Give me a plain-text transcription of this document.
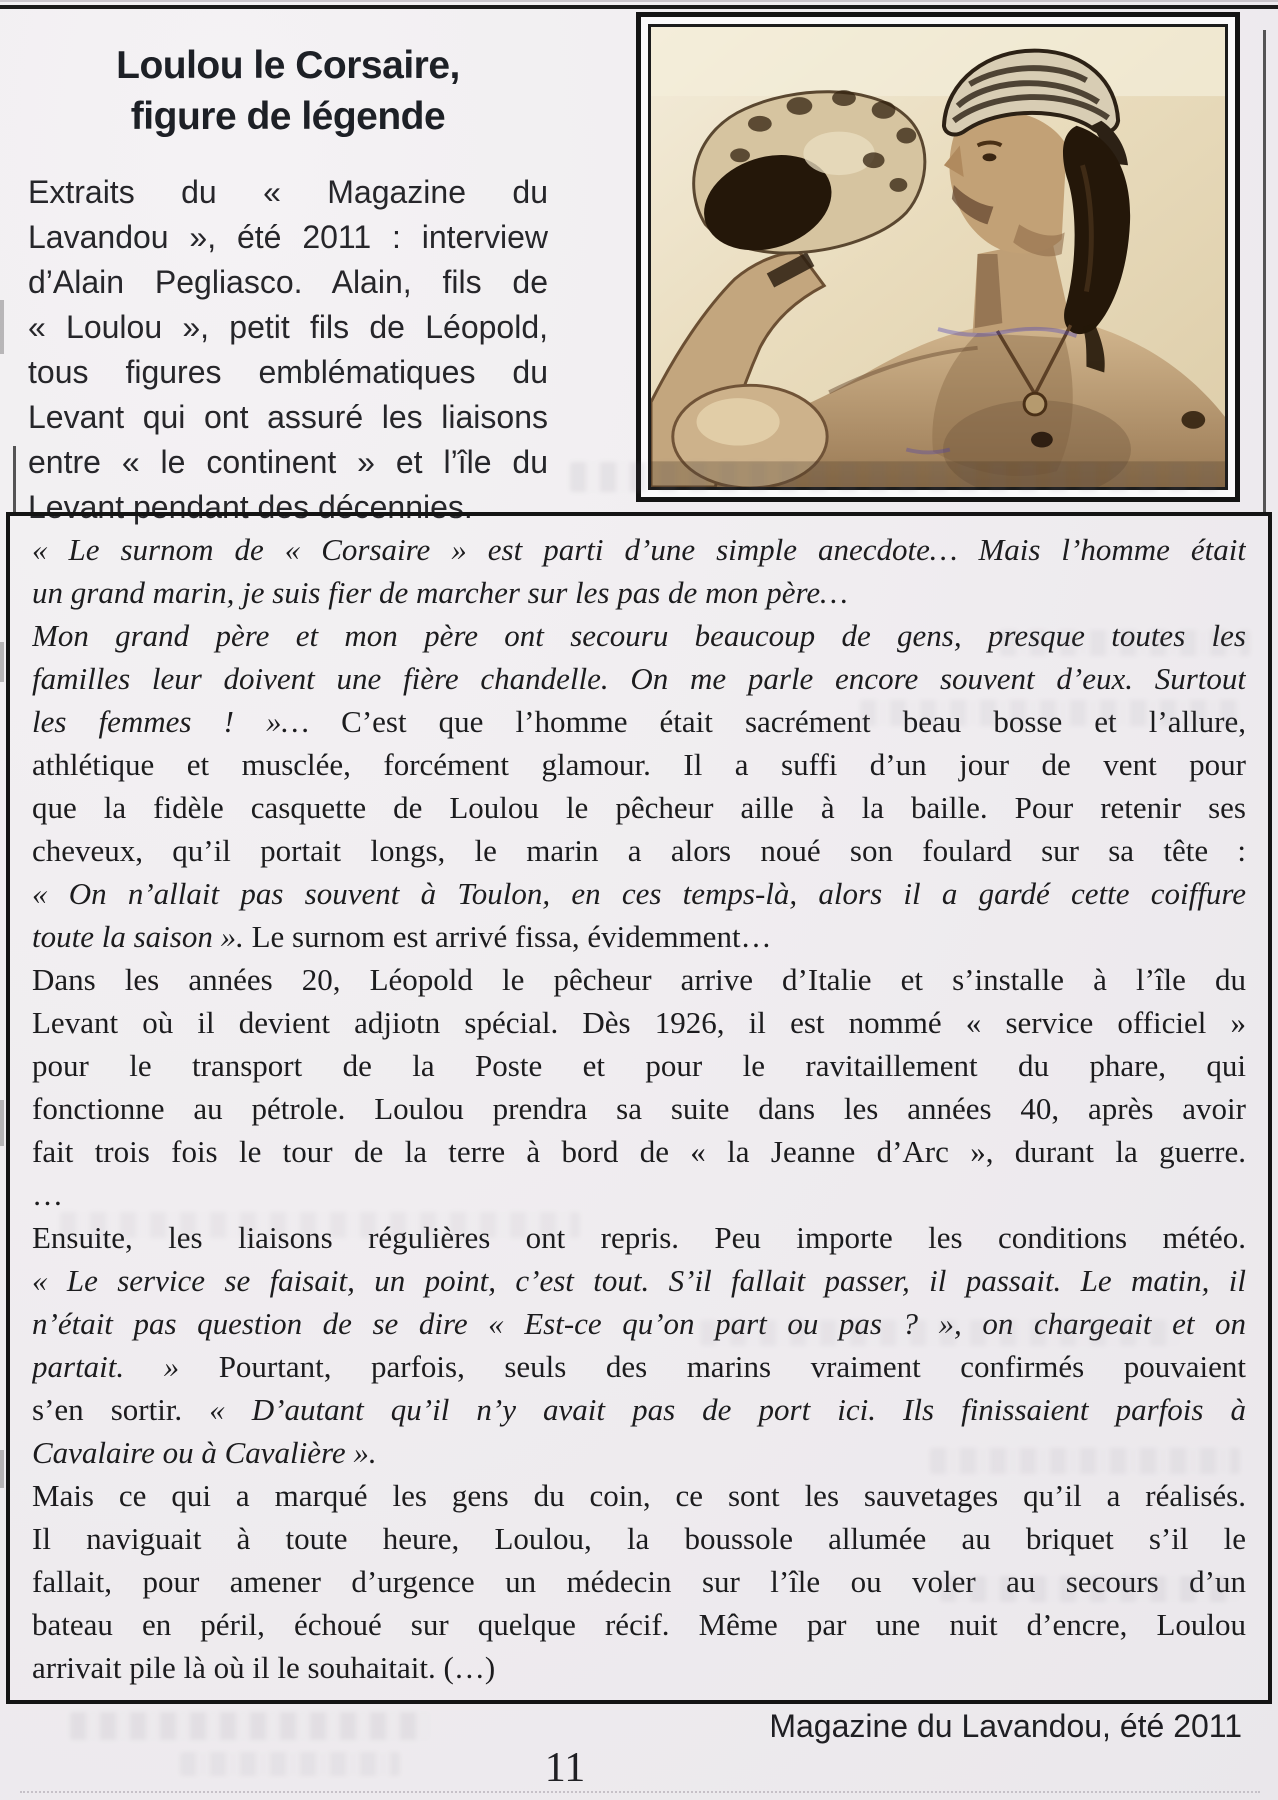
Loulou le Corsaire,
figure de légende
Extraits du « Magazine du
Lavandou », été 2011 : interview
d’Alain Pegliasco. Alain, fils de
« Loulou », petit fils de Léopold,
tous figures emblématiques du
Levant qui ont assuré les liaisons
entre « le continent » et l’île du
Levant pendant des décennies.
« Le surnom de « Corsaire » est parti d’une simple anecdote… Mais l’homme était
un grand marin, je suis fier de marcher sur les pas de mon père…
Mon grand père et mon père ont secouru beaucoup de gens, presque toutes les
familles leur doivent une fière chandelle. On me parle encore souvent d’eux. Surtout
les femmes ! »… C’est que l’homme était sacrément beau bosse et l’allure,
athlétique et musclée, forcément glamour. Il a suffi d’un jour de vent pour
que la fidèle casquette de Loulou le pêcheur aille à la baille. Pour retenir ses
cheveux, qu’il portait longs, le marin a alors noué son foulard sur sa tête :
« On n’allait pas souvent à Toulon, en ces temps-là, alors il a gardé cette coiffure
toute la saison ». Le surnom est arrivé fissa, évidemment…
Dans les années 20, Léopold le pêcheur arrive d’Italie et s’installe à l’île du
Levant où il devient adjiotn spécial. Dès 1926, il est nommé « service officiel »
pour le transport de la Poste et pour le ravitaillement du phare, qui
fonctionne au pétrole. Loulou prendra sa suite dans les années 40, après avoir
fait trois fois le tour de la terre à bord de « la Jeanne d’Arc », durant la guerre.
…
Ensuite, les liaisons régulières ont repris. Peu importe les conditions météo.
« Le service se faisait, un point, c’est tout. S’il fallait passer, il passait. Le matin, il
n’était pas question de se dire « Est-ce qu’on part ou pas ? », on chargeait et on
partait. » Pourtant, parfois, seuls des marins vraiment confirmés pouvaient
s’en sortir. « D’autant qu’il n’y avait pas de port ici. Ils finissaient parfois à
Cavalaire ou à Cavalière ».
Mais ce qui a marqué les gens du coin, ce sont les sauvetages qu’il a réalisés.
Il naviguait à toute heure, Loulou, la boussole allumée au briquet s’il le
fallait, pour amener d’urgence un médecin sur l’île ou voler au secours d’un
bateau en péril, échoué sur quelque récif. Même par une nuit d’encre, Loulou
arrivait pile là où il le souhaitait. (…)
Magazine du Lavandou, été 2011
11
